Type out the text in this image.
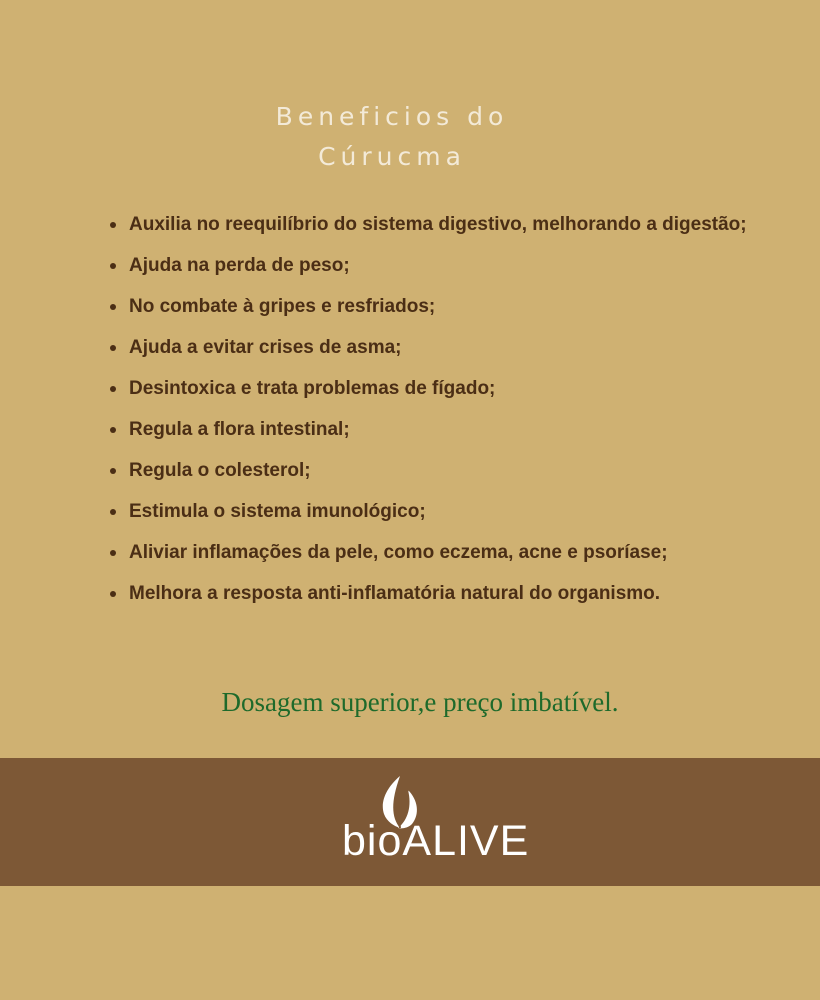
Beneficios do
Cúrucma
Auxilia no reequilíbrio do sistema digestivo, melhorando a digestão;
Ajuda na perda de peso;
No combate à gripes e resfriados;
Ajuda a evitar crises de asma;
Desintoxica e trata problemas de fígado;
Regula a flora intestinal;
Regula o colesterol;
Estimula o sistema imunológico;
Aliviar inflamações da pele, como eczema, acne e psoríase;
Melhora a resposta anti-inflamatória natural do organismo.
Dosagem superior,e preço imbatível.
bioALIVE
